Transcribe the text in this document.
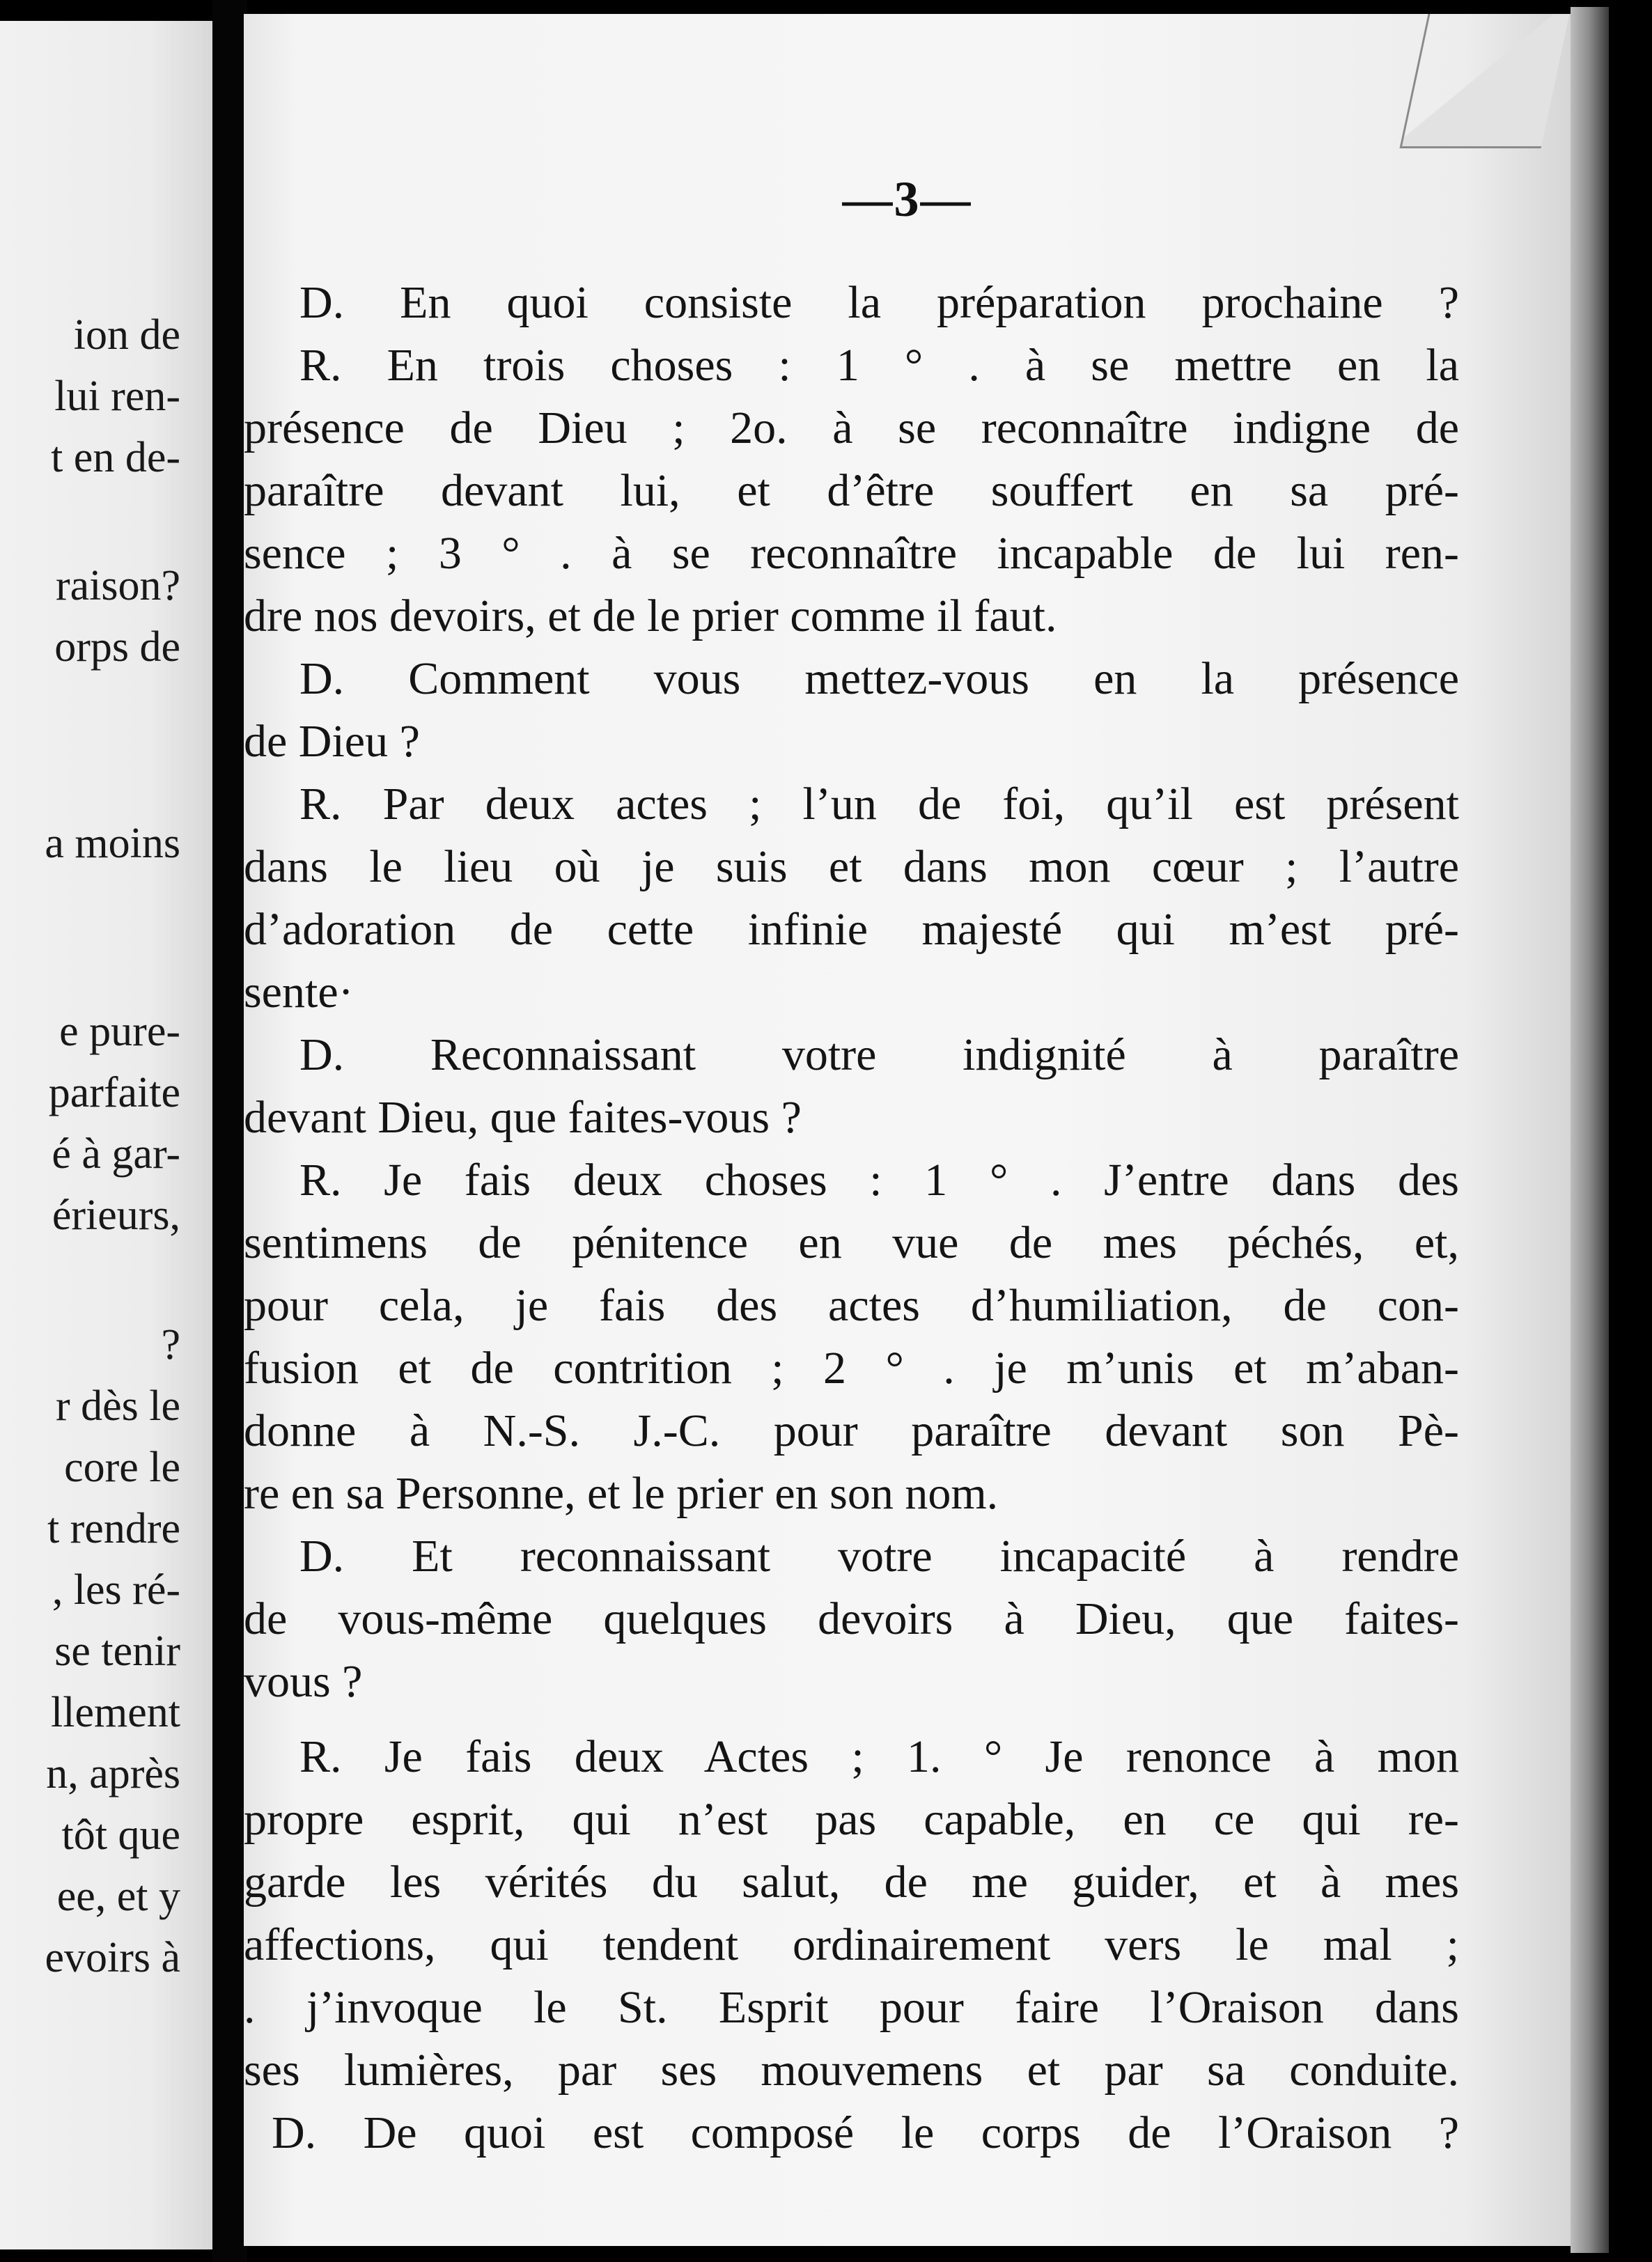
ion de
lui ren-
t en de-
raison?
orps de
a moins
e pure-
parfaite
é à gar-
érieurs,
?
r dès le
core le
t rendre
, les ré-
se tenir
llement
n, après
tôt que
ee, et y
evoirs à
—3—
D. En quoi consiste la préparation prochaine ?
R. En trois choses : 1 ° . à se mettre en la
présence de Dieu ; 2o. à se reconnaître indigne de
paraître devant lui, et d’être souffert en sa pré-
sence ; 3 ° . à se reconnaître incapable de lui ren-
dre nos devoirs, et de le prier comme il faut.
D. Comment vous mettez-vous en la présence
de Dieu ?
R. Par deux actes ; l’un de foi, qu’il est présent
dans le lieu où je suis et dans mon cœur ; l’autre
d’adoration de cette infinie majesté qui m’est pré-
sente·
D. Reconnaissant votre indignité à paraître
devant Dieu, que faites-vous ?
R. Je fais deux choses : 1 ° . J’entre dans des
sentimens de pénitence en vue de mes péchés, et,
pour cela, je fais des actes d’humiliation, de con-
fusion et de contrition ; 2 ° . je m’unis et m’aban-
donne à N.-S. J.-C. pour paraître devant son Pè-
re en sa Personne, et le prier en son nom.
D. Et reconnaissant votre incapacité à rendre
de vous-même quelques devoirs à Dieu, que faites-
vous ?
R. Je fais deux Actes ; 1. ° Je renonce à mon
propre esprit, qui n’est pas capable, en ce qui re-
garde les vérités du salut, de me guider, et à mes
affections, qui tendent ordinairement vers le mal ;
. j’invoque le St. Esprit pour faire l’Oraison dans
ses lumières, par ses mouvemens et par sa conduite.
D. De quoi est composé le corps de l’Oraison ?
